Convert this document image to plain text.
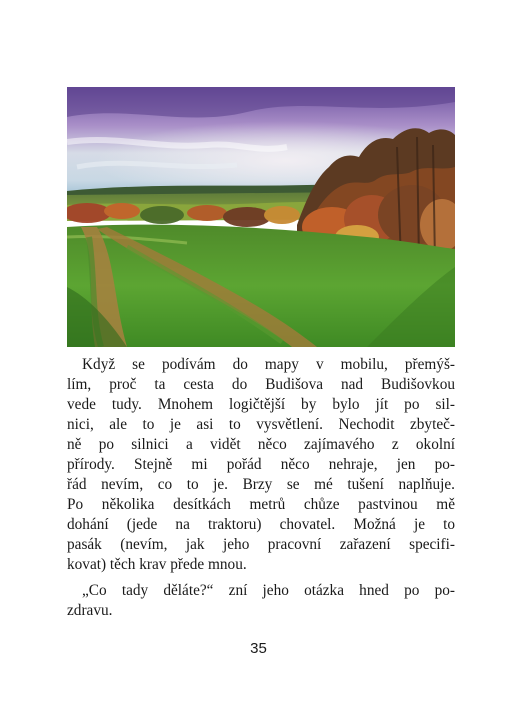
Když se podívám do mapy v mobilu, přemýš-
lím, proč ta cesta do Budišova nad Budišovkou
vede tudy. Mnohem logičtější by bylo jít po sil-
nici, ale to je asi to vysvětlení. Nechodit zbyteč-
ně po silnici a vidět něco zajímavého z okolní
přírody. Stejně mi pořád něco nehraje, jen po-
řád nevím, co to je. Brzy se mé tušení naplňuje.
Po několika desítkách metrů chůze pastvinou mě
dohání (jede na traktoru) chovatel. Možná je to
pasák (nevím, jak jeho pracovní zařazení specifi-
kovat) těch krav přede mnou.
„Co tady děláte?“ zní jeho otázka hned po po-
zdravu.
35
